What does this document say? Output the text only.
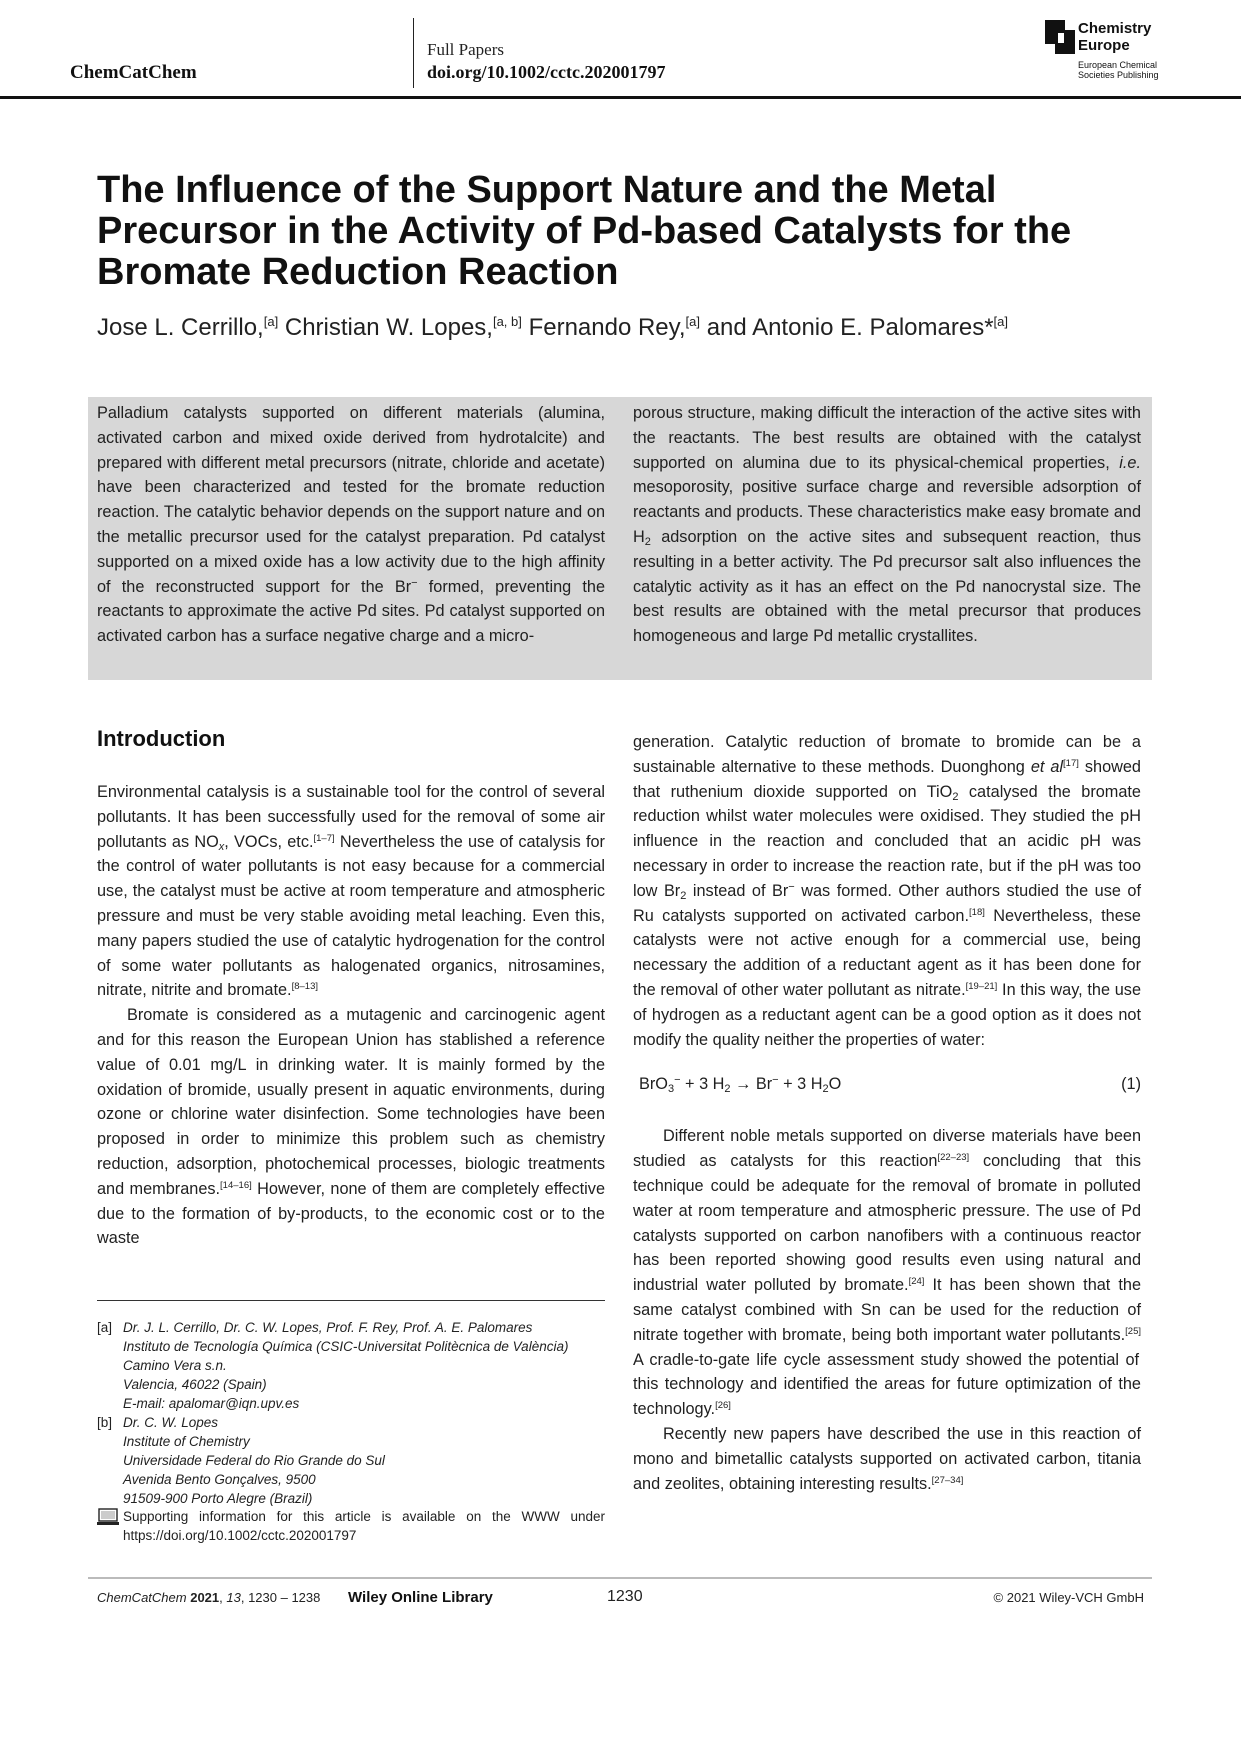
ChemCatChem
Full Papers
doi.org/10.1002/cctc.202001797
Chemistry
Europe
European Chemical
Societies Publishing
The Influence of the Support Nature and the Metal Precursor in the Activity of Pd-based Catalysts for the Bromate Reduction Reaction
Jose L. Cerrillo,[a] Christian W. Lopes,[a, b] Fernando Rey,[a] and Antonio E. Palomares*[a]
Palladium catalysts supported on different materials (alumina, activated carbon and mixed oxide derived from hydrotalcite) and prepared with different metal precursors (nitrate, chloride and acetate) have been characterized and tested for the bromate reduction reaction. The catalytic behavior depends on the support nature and on the metallic precursor used for the catalyst preparation. Pd catalyst supported on a mixed oxide has a low activity due to the high affinity of the reconstructed support for the Br− formed, preventing the reactants to approximate the active Pd sites. Pd catalyst supported on activated carbon has a surface negative charge and a micro-
porous structure, making difficult the interaction of the active sites with the reactants. The best results are obtained with the catalyst supported on alumina due to its physical-chemical properties, i.e. mesoporosity, positive surface charge and reversible adsorption of reactants and products. These characteristics make easy bromate and $H_2$ adsorption on the active sites and subsequent reaction, thus resulting in a better activity. The Pd precursor salt also influences the catalytic activity as it has an effect on the Pd nanocrystal size. The best results are obtained with the metal precursor that produces homogeneous and large Pd metallic crystallites.
Introduction

Environmental catalysis is a sustainable tool for the control of several pollutants. It has been successfully used for the removal of some air pollutants as $NO_x$, VOCs, etc.[1–7] Nevertheless the use of catalysis for the control of water pollutants is not easy because for a commercial use, the catalyst must be active at room temperature and atmospheric pressure and must be very stable avoiding metal leaching. Even this, many papers studied the use of catalytic hydrogenation for the control of some water pollutants as halogenated organics, nitrosamines, nitrate, nitrite and bromate.[8–13]

Bromate is considered as a mutagenic and carcinogenic agent and for this reason the European Union has stablished a reference value of 0.01 mg/L in drinking water. It is mainly formed by the oxidation of bromide, usually present in aquatic environments, during ozone or chlorine water disinfection. Some technologies have been proposed in order to minimize this problem such as chemistry reduction, adsorption, photochemical processes, biologic treatments and membranes.[14–16] However, none of them are completely effective due to the formation of by-products, to the economic cost or to the waste

generation. Catalytic reduction of bromate to bromide can be a sustainable alternative to these methods. Duonghong et al[17] showed that ruthenium dioxide supported on TiO$_2$ catalysed the bromate reduction whilst water molecules were oxidised. They studied the pH influence in the reaction and concluded that an acidic pH was necessary in order to increase the reaction rate, but if the pH was too low $Br_2$ instead of Br− was formed. Other authors studied the use of Ru catalysts supported on activated carbon.[18] Nevertheless, these catalysts were not active enough for a commercial use, being necessary the addition of a reductant agent as it has been done for the removal of other water pollutant as nitrate.[19–21] In this way, the use of hydrogen as a reductant agent can be a good option as it does not modify the quality neither the properties of water:

BrO$_3$− + 3 $H_2 \to Br^- + 3$ $H_2O$	(1)

Different noble metals supported on diverse materials have been studied as catalysts for this reaction[22–23] concluding that this technique could be adequate for the removal of bromate in polluted water at room temperature and atmospheric pressure. The use of Pd catalysts supported on carbon nanofibers with a continuous reactor has been reported showing good results even using natural and industrial water polluted by bromate.[24] It has been shown that the same catalyst combined with Sn can be used for the reduction of nitrate together with bromate, being both important water pollutants.[25] A cradle-to-gate life cycle assessment study showed the potential of this technology and identified the areas for future optimization of the technology.[26]

Recently new papers have described the use in this reaction of mono and bimetallic catalysts supported on activated carbon, titania and zeolites, obtaining interesting results.[27–34]

[a] Dr. J. L. Cerrillo, Dr. C. W. Lopes, Prof. F. Rey, Prof. A. E. Palomares
Instituto de Tecnología Química (CSIC-Universitat Politècnica de València)
Camino Vera s.n.
Valencia, 46022 (Spain)
E-mail: apalomar@iqn.upv.es
[b] Dr. C. W. Lopes
Institute of Chemistry
Universidade Federal do Rio Grande do Sul
Avenida Bento Gonçalves, 9500
91509-900 Porto Alegre (Brazil)
Supporting information for this article is available on the WWW under https://doi.org/10.1002/cctc.202001797
ChemCatChem 2021, 13, 1230 – 1238 Wiley Online Library	1230	© 2021 Wiley-VCH GmbH
